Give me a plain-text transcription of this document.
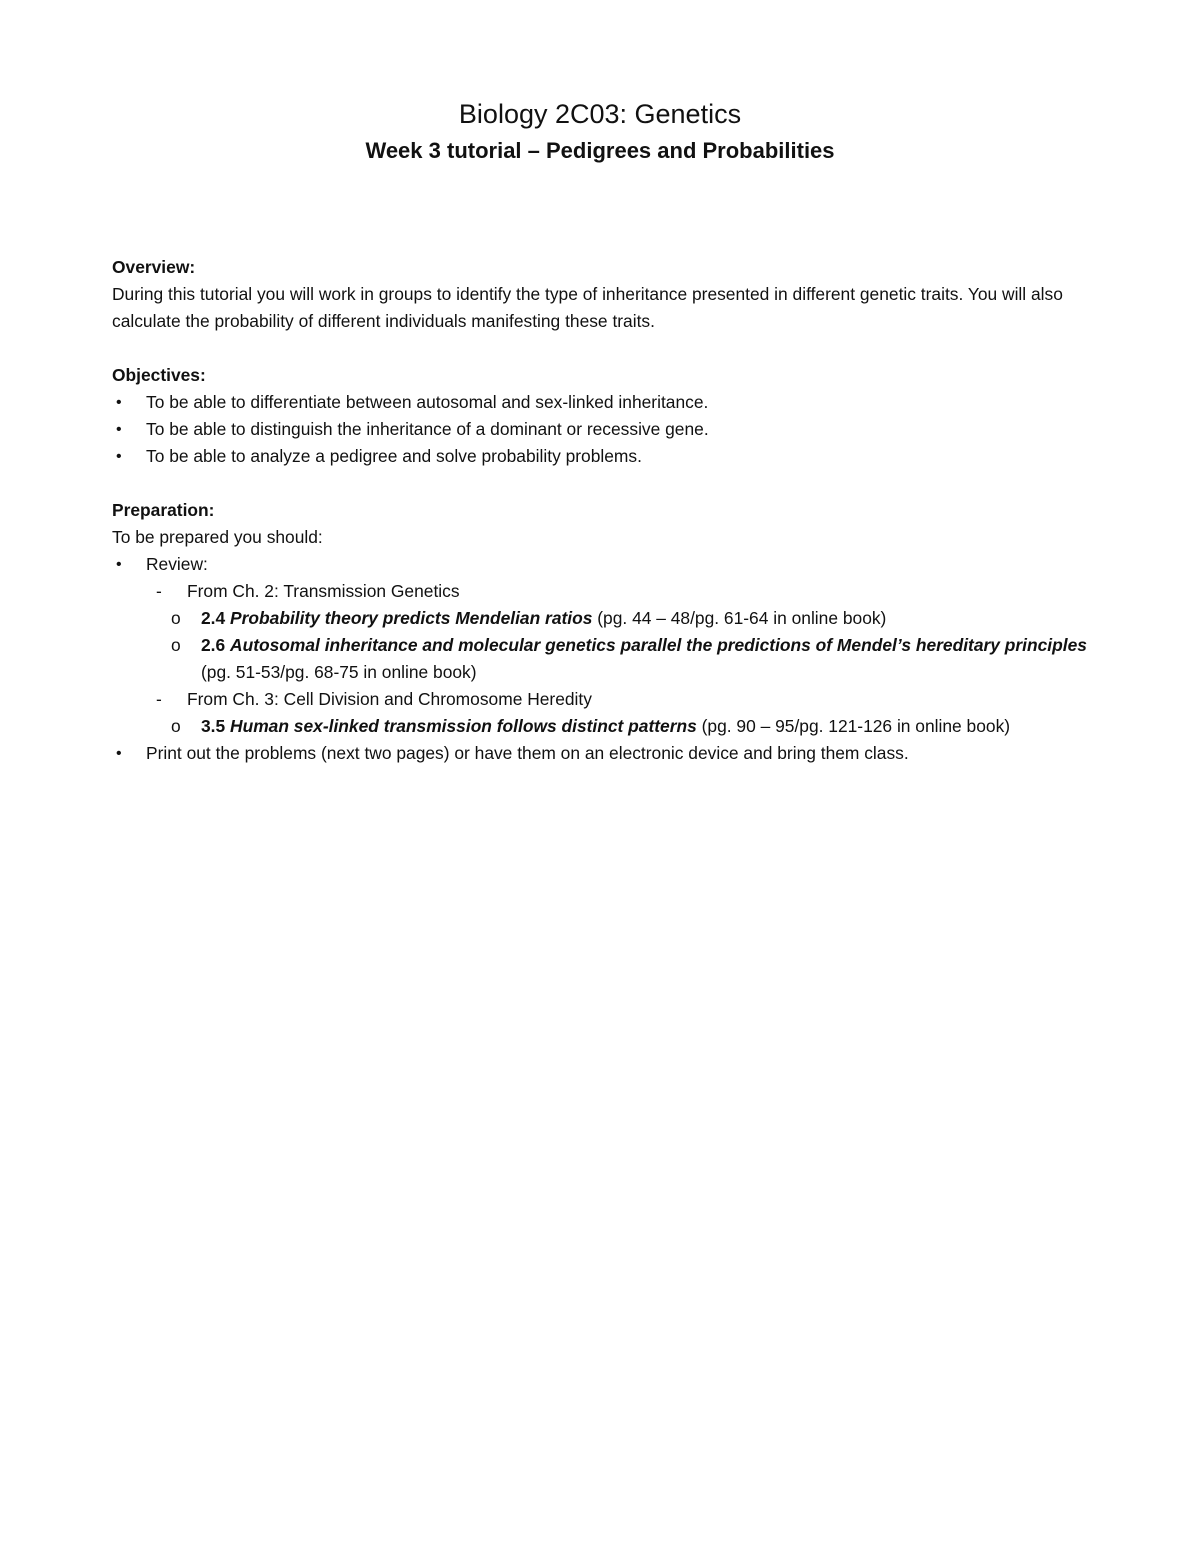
Biology 2C03: Genetics
Week 3 tutorial – Pedigrees and Probabilities

Overview:

During this tutorial you will work in groups to identify the type of inheritance presented in different genetic traits. You will also calculate the probability of different individuals manifesting these traits.

Objectives:

• To be able to differentiate between autosomal and sex-linked inheritance.
• To be able to distinguish the inheritance of a dominant or recessive gene.
• To be able to analyze a pedigree and solve probability problems.

Preparation:

To be prepared you should:

• Review:
- From Ch. 2: Transmission Genetics
o 2.4 Probability theory predicts Mendelian ratios (pg. 44 – 48/pg. 61-64 in online book)
o 2.6 Autosomal inheritance and molecular genetics parallel the predictions of Mendel’s hereditary principles (pg. 51-53/pg. 68-75 in online book)
- From Ch. 3: Cell Division and Chromosome Heredity
o 3.5 Human sex-linked transmission follows distinct patterns (pg. 90 – 95/pg. 121-126 in online book)
• Print out the problems (next two pages) or have them on an electronic device and bring them class.
